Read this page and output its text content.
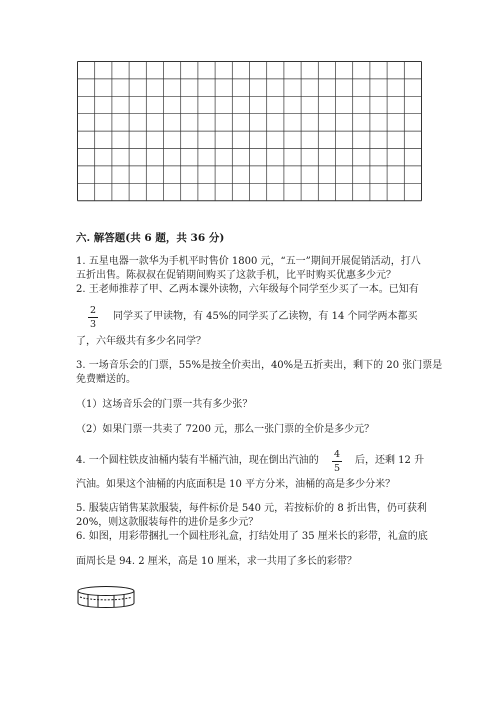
六. 解答题(共 6 题，共 36 分)
1. 五星电器一款华为手机平时售价 1800 元，“五一”期间开展促销活动，打八
五折出售。陈叔叔在促销期间购买了这款手机，比平时购买优惠多少元？
2. 王老师推荐了甲、乙两本课外读物，六年级每个同学至少买了一本。已知有
2
3
同学买了甲读物，有 45%的同学买了乙读物，有 14 个同学两本都买
了，六年级共有多少名同学？
3. 一场音乐会的门票，55%是按全价卖出，40%是五折卖出，剩下的 20 张门票是
免费赠送的。
（1）这场音乐会的门票一共有多少张？
（2）如果门票一共卖了 7200 元，那么一张门票的全价是多少元？
4. 一个圆柱铁皮油桶内装有半桶汽油，现在倒出汽油的
4
5
后，还剩 12 升
汽油。如果这个油桶的内底面积是 10 平方分米，油桶的高是多少分米？
5. 服装店销售某款服装，每件标价是 540 元，若按标价的 8 折出售，仍可获利
20%，则这款服装每件的进价是多少元？
6. 如图，用彩带捆扎一个圆柱形礼盒，打结处用了 35 厘米长的彩带，礼盒的底
面周长是 94. 2 厘米，高是 10 厘米，求一共用了多长的彩带？
